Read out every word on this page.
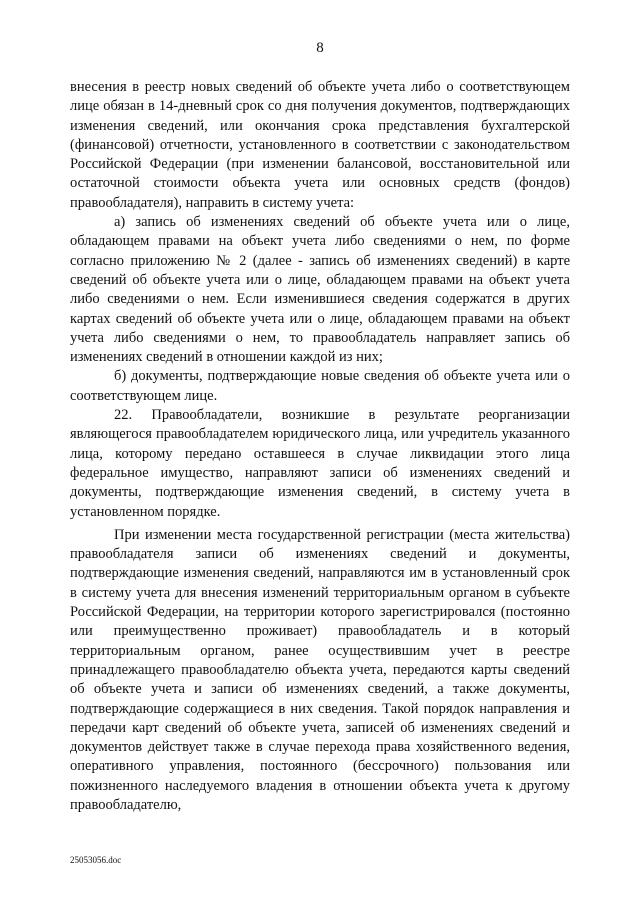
8

внесения в реестр новых сведений об объекте учета либо о соответствующем лице обязан в 14-дневный срок со дня получения документов, подтверждающих изменения сведений, или окончания срока представления бухгалтерской (финансовой) отчетности, установленного в соответствии с законодательством Российской Федерации (при изменении балансовой, восстановительной или остаточной стоимости объекта учета или основных средств (фондов) правообладателя), направить в систему учета:

а) запись об изменениях сведений об объекте учета или о лице, обладающем правами на объект учета либо сведениями о нем, по форме согласно приложению № 2 (далее - запись об изменениях сведений) в карте сведений об объекте учета или о лице, обладающем правами на объект учета либо сведениями о нем. Если изменившиеся сведения содержатся в других картах сведений об объекте учета или о лице, обладающем правами на объект учета либо сведениями о нем, то правообладатель направляет запись об изменениях сведений в отношении каждой из них;

б) документы, подтверждающие новые сведения об объекте учета или о соответствующем лице.

22. Правообладатели, возникшие в результате реорганизации являющегося правообладателем юридического лица, или учредитель указанного лица, которому передано оставшееся в случае ликвидации этого лица федеральное имущество, направляют записи об изменениях сведений и документы, подтверждающие изменения сведений, в систему учета в установленном порядке.

При изменении места государственной регистрации (места жительства) правообладателя записи об изменениях сведений и документы, подтверждающие изменения сведений, направляются им в установленный срок в систему учета для внесения изменений территориальным органом в субъекте Российской Федерации, на территории которого зарегистрировался (постоянно или преимущественно проживает) правообладатель и в который территориальным органом, ранее осуществившим учет в реестре принадлежащего правообладателю объекта учета, передаются карты сведений об объекте учета и записи об изменениях сведений, а также документы, подтверждающие содержащиеся в них сведения. Такой порядок направления и передачи карт сведений об объекте учета, записей об изменениях сведений и документов действует также в случае перехода права хозяйственного ведения, оперативного управления, постоянного (бессрочного) пользования или пожизненного наследуемого владения в отношении объекта учета к другому правообладателю,

25053056.doc
